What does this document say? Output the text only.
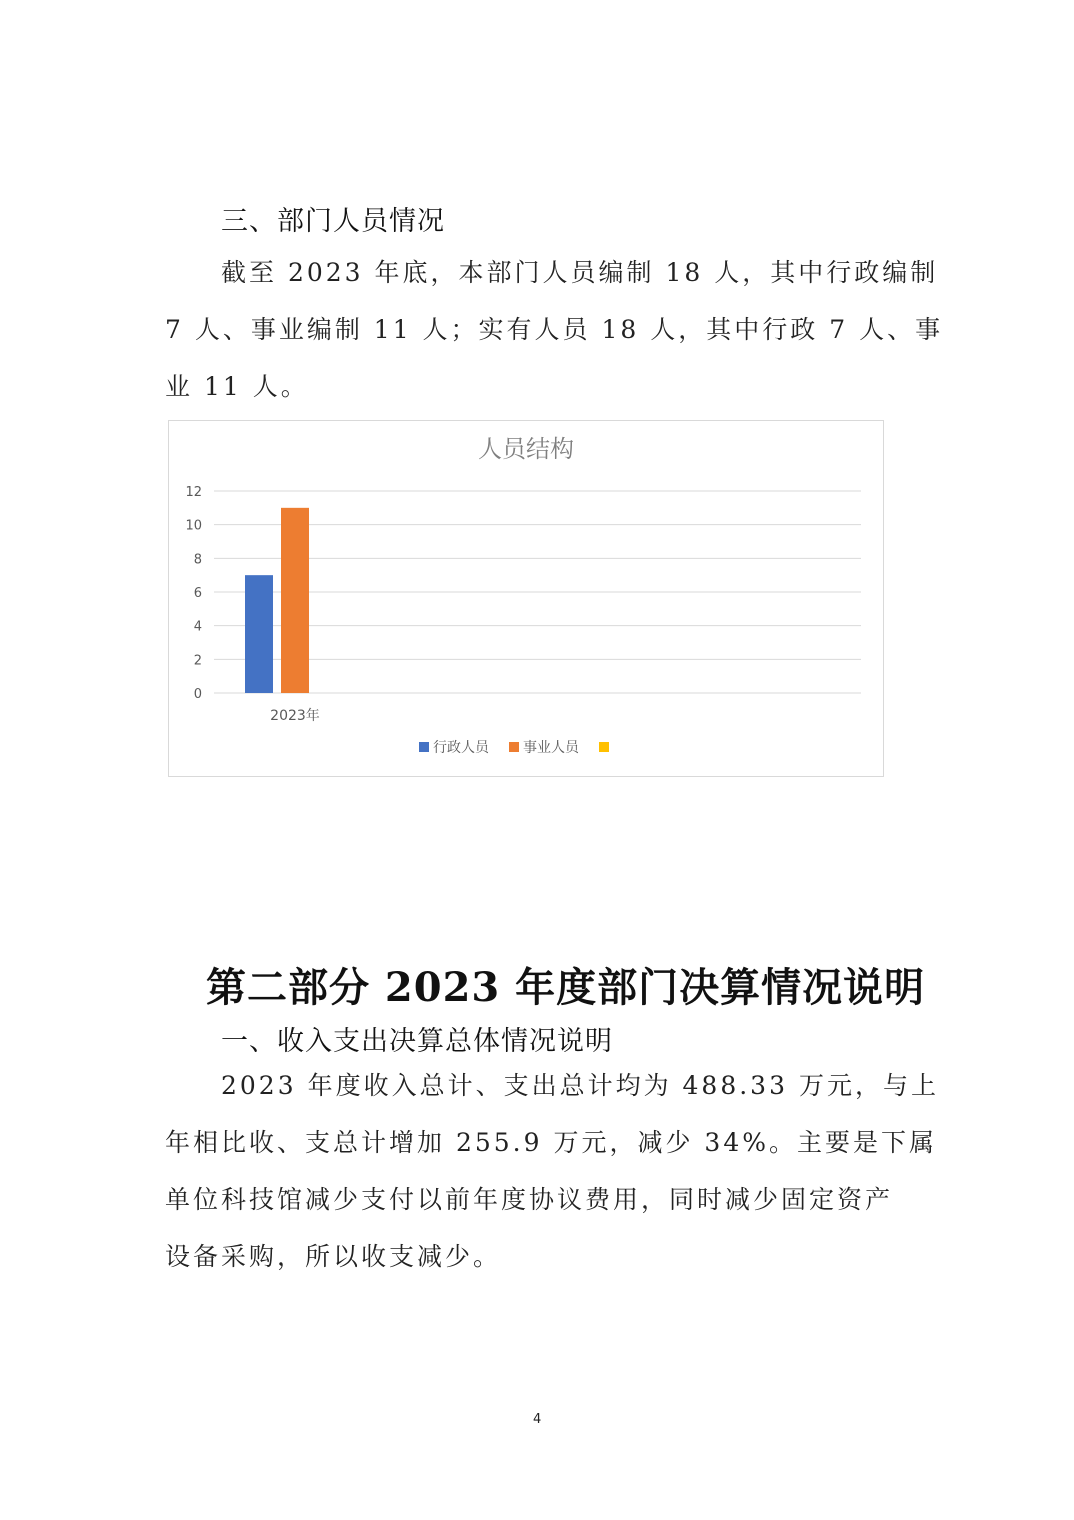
三、部门人员情况

截至 2023 年底，本部门人员编制 18 人，其中行政编制

7 人、事业编制 11 人；实有人员 18 人，其中行政 7 人、事

业 11 人。

人员结构
0
2
4
6
8
10
12
2023年
行政人员 事业人员
第二部分 2023 年度部门决算情况说明
一、收入支出决算总体情况说明

2023 年度收入总计、支出总计均为 488.33 万元，与上

年相比收、支总计增加 255.9 万元，减少 34%。主要是下属

单位科技馆减少支付以前年度协议费用，同时减少固定资产

设备采购，所以收支减少。

4
